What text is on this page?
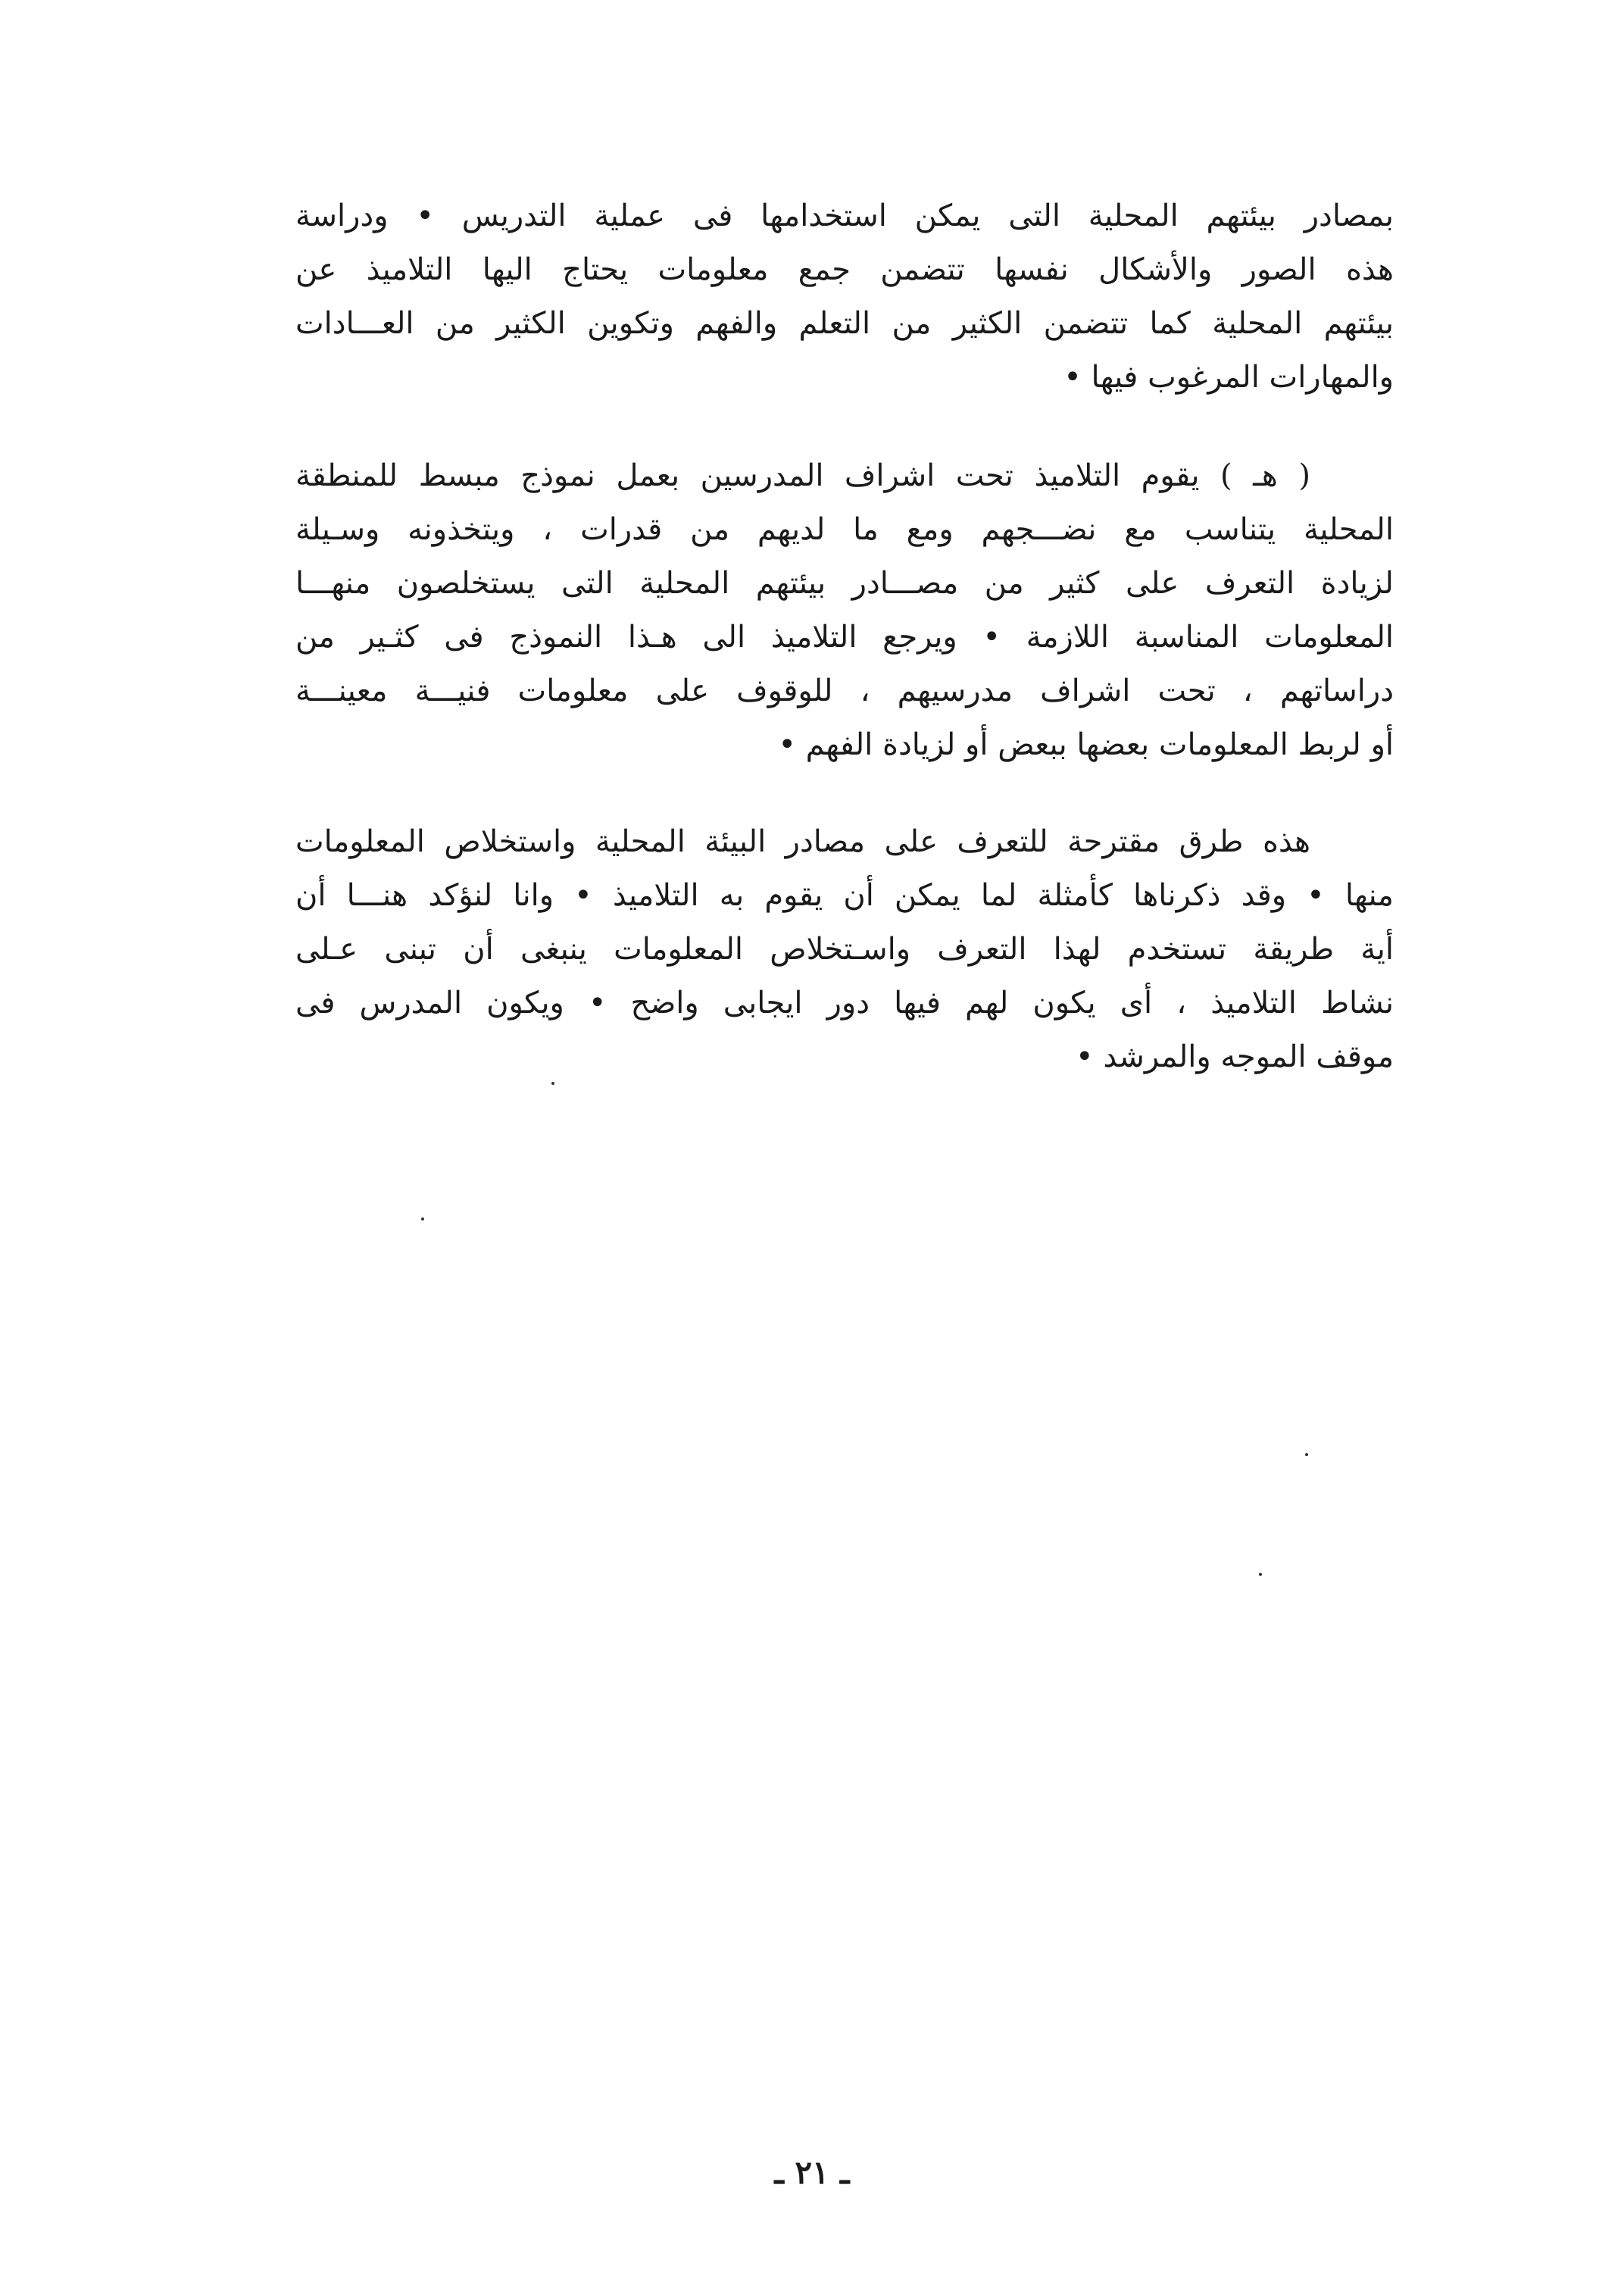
بمصادر بيئتهم المحلية التى يمكن استخدامها فى عملية التدريس • ودراسة
هذه الصور والأشكال نفسها تتضمن جمع معلومات يحتاج اليها التلاميذ عن
بيئتهم المحلية كما تتضمن الكثير من التعلم والفهم وتكوين الكثير من العـــادات
والمهارات المرغوب فيها •
( هـ ) يقوم التلاميذ تحت اشراف المدرسين بعمل نموذج مبسط للمنطقة
المحلية يتناسب مع نضـــجهم ومع ما لديهم من قدرات ، ويتخذونه وسـيلة
لزيادة التعرف على كثير من مصـــادر بيئتهم المحلية التى يستخلصون منهـــا
المعلومات المناسبة اللازمة • ويرجع التلاميذ الى هـذا النموذج فى كثـير من
دراساتهم ، تحت اشراف مدرسيهم ، للوقوف على معلومات فنيـــة معينـــة
أو لربط المعلومات بعضها ببعض أو لزيادة الفهم •
هذه طرق مقترحة للتعرف على مصادر البيئة المحلية واستخلاص المعلومات
منها • وقد ذكرناها كأمثلة لما يمكن أن يقوم به التلاميذ • وانا لنؤكد هنـــا أن
أية طريقة تستخدم لهذا التعرف واسـتخلاص المعلومات ينبغى أن تبنى عـلى
نشاط التلاميذ ، أى يكون لهم فيها دور ايجابى واضح • ويكون المدرس فى
موقف الموجه والمرشد •
ـ ٢١ ـ
